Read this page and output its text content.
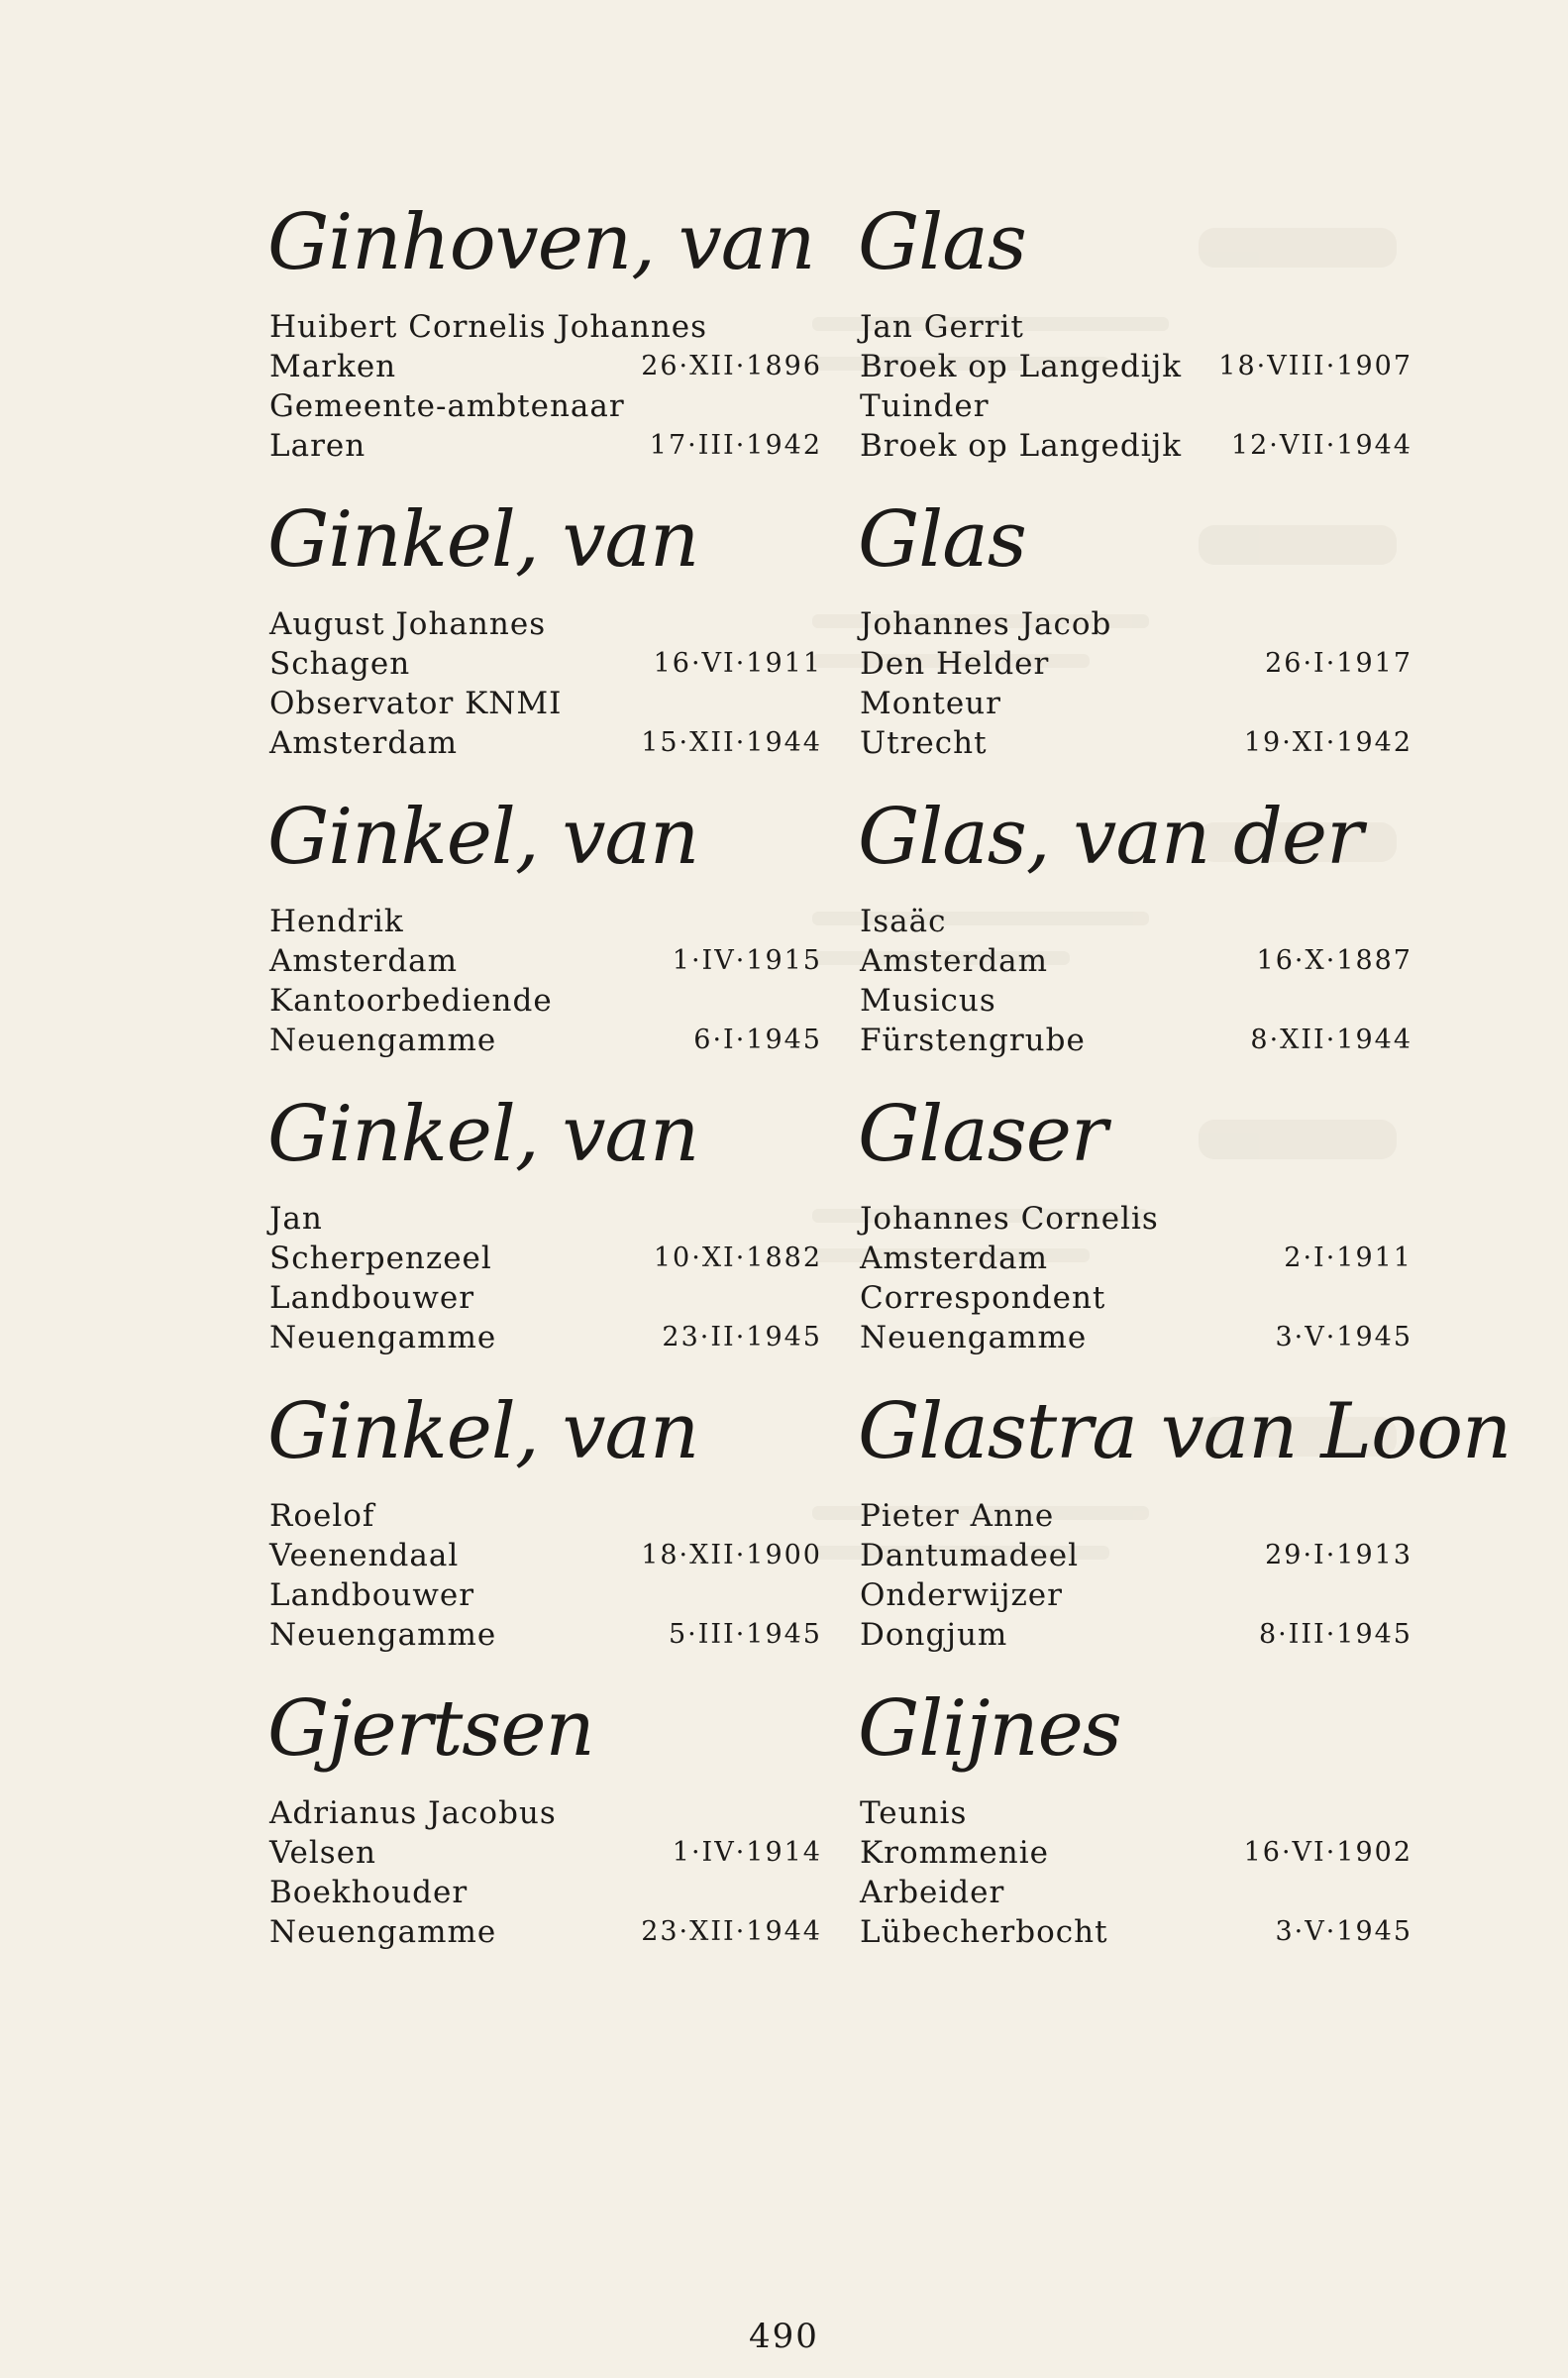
Ginhoven, van
Huibert Cornelis Johannes
Marken	26·XII·1896
Gemeente-ambtenaar
Laren	17·III·1942
Ginkel, van
August Johannes
Schagen	16·VI·1911
Observator KNMI
Amsterdam	15·XII·1944
Ginkel, van
Hendrik
Amsterdam	1·IV·1915
Kantoorbediende
Neuengamme	6·I·1945
Ginkel, van
Jan
Scherpenzeel	10·XI·1882
Landbouwer
Neuengamme	23·II·1945
Ginkel, van
Roelof
Veenendaal	18·XII·1900
Landbouwer
Neuengamme	5·III·1945
Gjertsen
Adrianus Jacobus
Velsen	1·IV·1914
Boekhouder
Neuengamme	23·XII·1944
Glas
Jan Gerrit
Broek op Langedijk 18·VIII·1907
Tuinder
Broek op Langedijk 12·VII·1944
Glas
Johannes Jacob
Den Helder	26·I·1917
Monteur
Utrecht	19·XI·1942
Glas, van der
Isaäc
Amsterdam	16·X·1887
Musicus
Fürstengrube	8·XII·1944
Glaser
Johannes Cornelis
Amsterdam	2·I·1911
Correspondent
Neuengamme	3·V·1945
Glastra van Loon
Pieter Anne
Dantumadeel	29·I·1913
Onderwijzer
Dongjum	8·III·1945
Glijnes
Teunis
Krommenie	16·VI·1902
Arbeider
Lübecherbocht	3·V·1945
490
